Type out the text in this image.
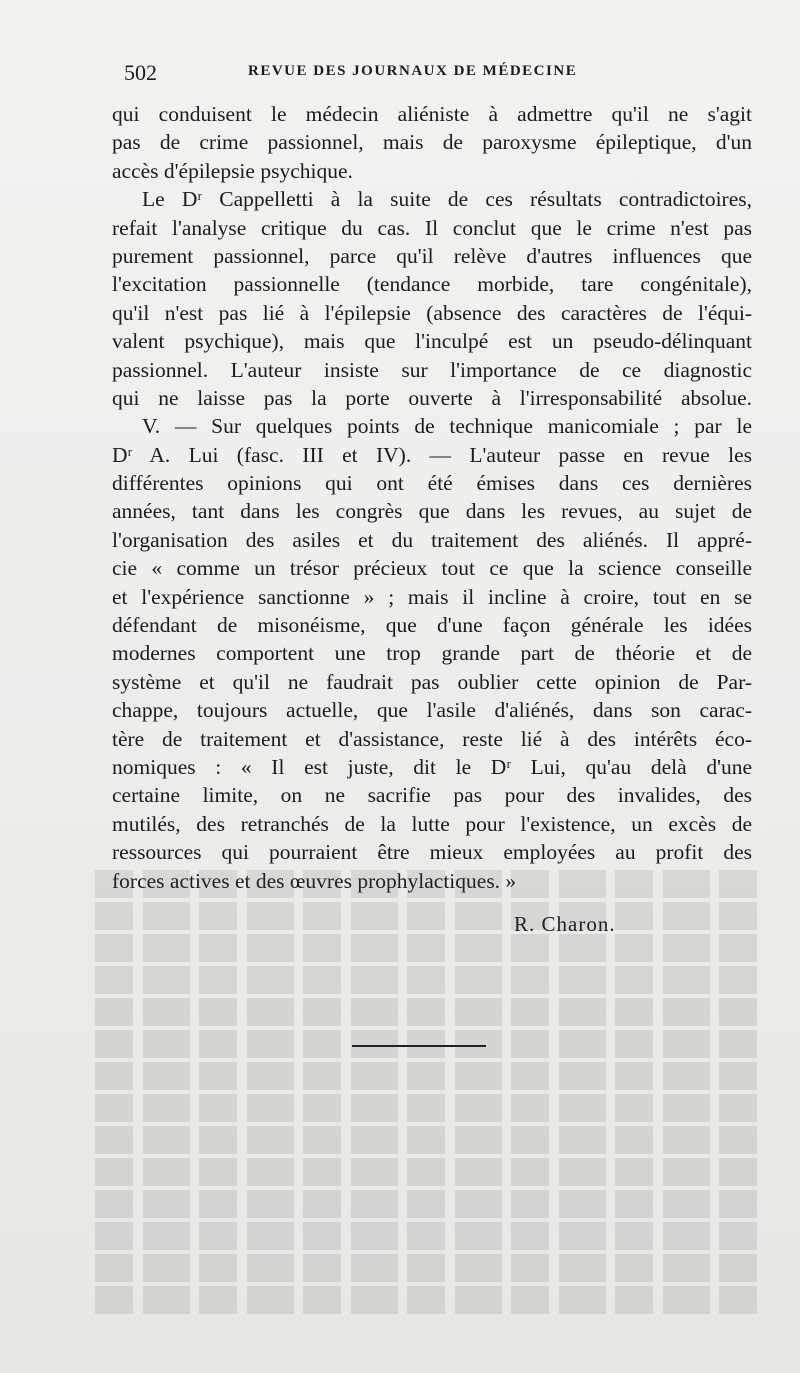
502	REVUE DES JOURNAUX DE MÉDECINE
qui conduisent le médecin aliéniste à admettre qu'il ne s'agit
pas de crime passionnel, mais de paroxysme épileptique, d'un
accès d'épilepsie psychique.
Le Dʳ Cappelletti à la suite de ces résultats contradictoires,
refait l'analyse critique du cas. Il conclut que le crime n'est pas
purement passionnel, parce qu'il relève d'autres influences que
l'excitation passionnelle (tendance morbide, tare congénitale),
qu'il n'est pas lié à l'épilepsie (absence des caractères de l'équi-
valent psychique), mais que l'inculpé est un pseudo-délinquant
passionnel. L'auteur insiste sur l'importance de ce diagnostic
qui ne laisse pas la porte ouverte à l'irresponsabilité absolue.
V. — Sur quelques points de technique manicomiale ; par le
Dʳ A. Lui (fasc. III et IV). — L'auteur passe en revue les
différentes opinions qui ont été émises dans ces dernières
années, tant dans les congrès que dans les revues, au sujet de
l'organisation des asiles et du traitement des aliénés. Il appré-
cie « comme un trésor précieux tout ce que la science conseille
et l'expérience sanctionne » ; mais il incline à croire, tout en se
défendant de misonéisme, que d'une façon générale les idées
modernes comportent une trop grande part de théorie et de
système et qu'il ne faudrait pas oublier cette opinion de Par-
chappe, toujours actuelle, que l'asile d'aliénés, dans son carac-
tère de traitement et d'assistance, reste lié à des intérêts éco-
nomiques : « Il est juste, dit le Dʳ Lui, qu'au delà d'une
certaine limite, on ne sacrifie pas pour des invalides, des
mutilés, des retranchés de la lutte pour l'existence, un excès de
ressources qui pourraient être mieux employées au profit des
forces actives et des œuvres prophylactiques. »
R. Charon.
